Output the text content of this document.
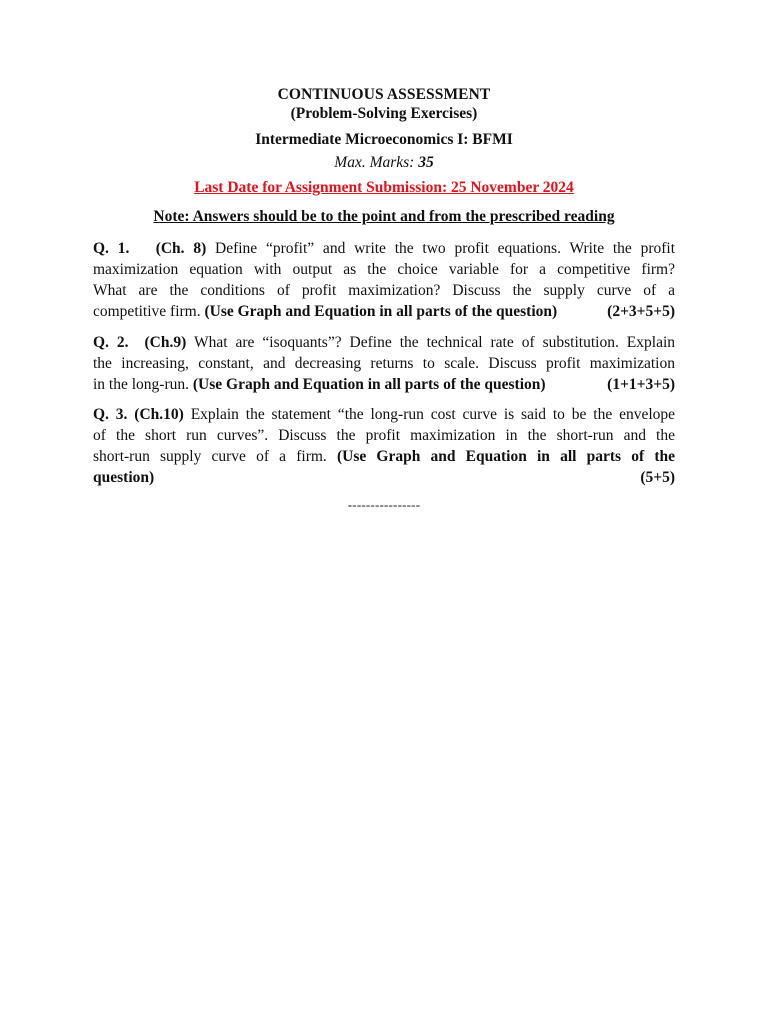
CONTINUOUS ASSESSMENT
(Problem-Solving Exercises)
Intermediate Microeconomics I: BFMI
Max. Marks: 35
Last Date for Assignment Submission: 25 November 2024
Note: Answers should be to the point and from the prescribed reading
Q. 1. (Ch. 8) Define “profit” and write the two profit equations. Write the profit
maximization equation with output as the choice variable for a competitive firm?
What are the conditions of profit maximization? Discuss the supply curve of a
competitive firm. (Use Graph and Equation in all parts of the question)	(2+3+5+5)
Q. 2. (Ch.9) What are “isoquants”? Define the technical rate of substitution. Explain
the increasing, constant, and decreasing returns to scale. Discuss profit maximization
in the long-run. (Use Graph and Equation in all parts of the question)	(1+1+3+5)
Q. 3. (Ch.10) Explain the statement “the long-run cost curve is said to be the envelope
of the short run curves”. Discuss the profit maximization in the short-run and the
short-run supply curve of a firm. (Use Graph and Equation in all parts of the
question)	(5+5)
----------------
